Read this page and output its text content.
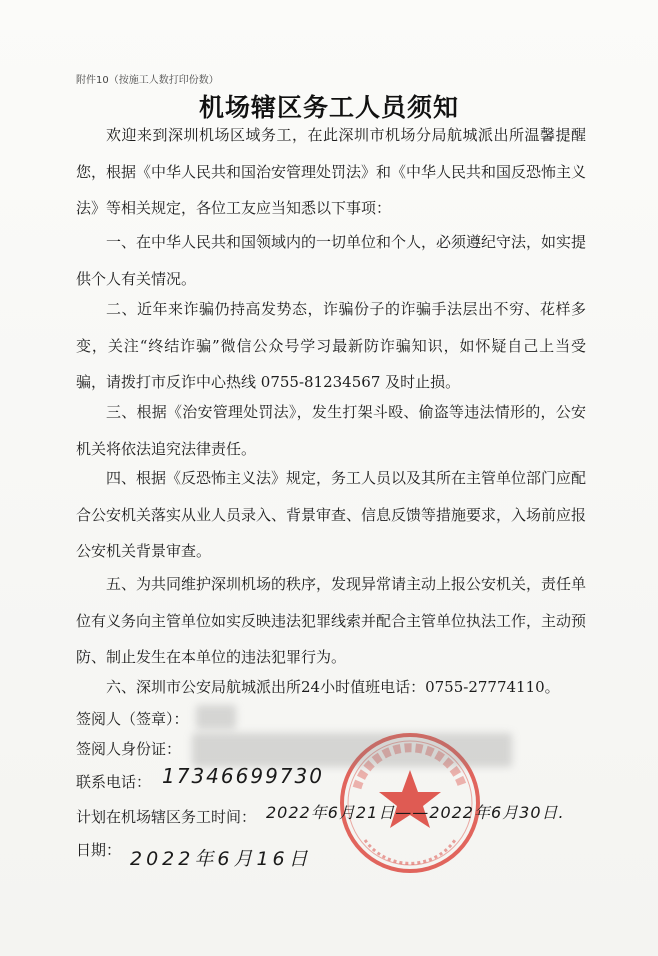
附件10（按施工人数打印份数）
机场辖区务工人员须知
欢迎来到深圳机场区域务工，在此深圳市机场分局航城派出所温馨提醒您，根据《中华人民共和国治安管理处罚法》和《中华人民共和国反恐怖主义法》等相关规定，各位工友应当知悉以下事项：
一、在中华人民共和国领域内的一切单位和个人，必须遵纪守法，如实提供个人有关情况。
二、近年来诈骗仍持高发势态，诈骗份子的诈骗手法层出不穷、花样多变，关注“终结诈骗”微信公众号学习最新防诈骗知识，如怀疑自己上当受骗，请拨打市反诈中心热线 0755-81234567 及时止损。
三、根据《治安管理处罚法》，发生打架斗殴、偷盗等违法情形的，公安机关将依法追究法律责任。
四、根据《反恐怖主义法》规定，务工人员以及其所在主管单位部门应配合公安机关落实从业人员录入、背景审查、信息反馈等措施要求，入场前应报公安机关背景审查。
五、为共同维护深圳机场的秩序，发现异常请主动上报公安机关，责任单位有义务向主管单位如实反映违法犯罪线索并配合主管单位执法工作，主动预防、制止发生在本单位的违法犯罪行为。
六、深圳市公安局航城派出所24小时值班电话：0755-27774110。
签阅人（签章）：
签阅人身份证：
联系电话： 17346699730
计划在机场辖区务工时间： 2022年6月21日——2022年6月30日.
日期： 2022年6月16日
